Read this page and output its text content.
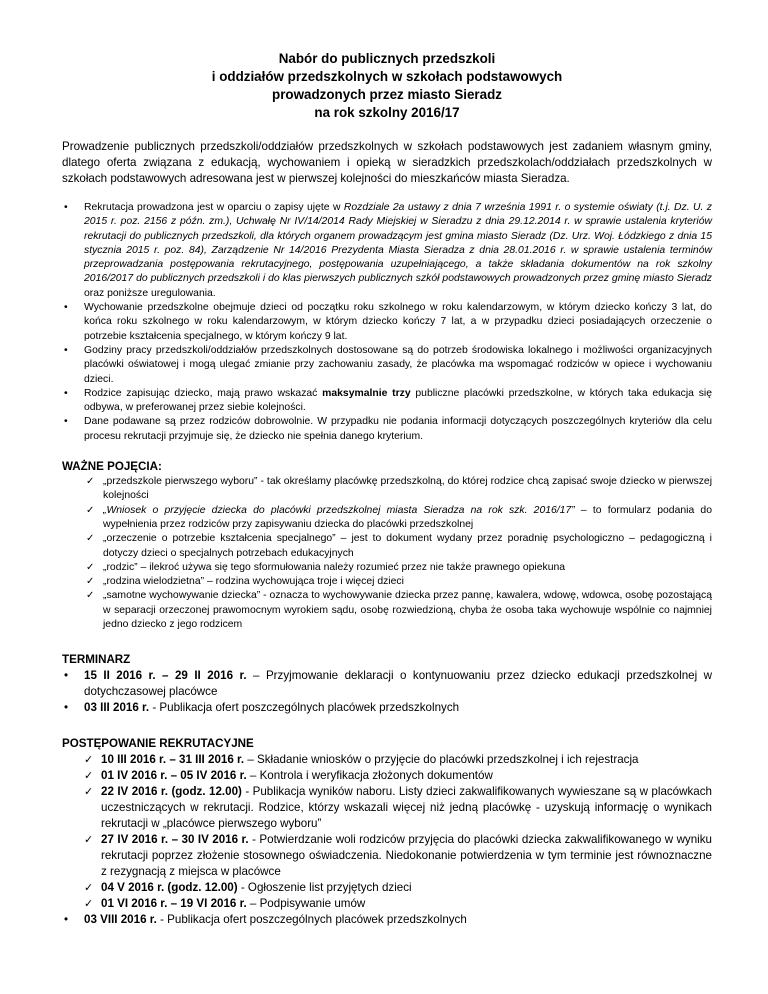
Nabór do publicznych przedszkoli
i oddziałów przedszkolnych w szkołach podstawowych
prowadzonych przez miasto Sieradz
na rok szkolny 2016/17

Prowadzenie publicznych przedszkoli/oddziałów przedszkolnych w szkołach podstawowych jest zadaniem własnym gminy, dlatego oferta związana z edukacją, wychowaniem i opieką w sieradzkich przedszkolach/oddziałach przedszkolnych w szkołach podstawowych adresowana jest w pierwszej kolejności do mieszkańców miasta Sieradza.

• Rekrutacja prowadzona jest w oparciu o zapisy ujęte w Rozdziale 2a ustawy z dnia 7 września 1991 r. o systemie oświaty (t.j. Dz. U. z 2015 r. poz. 2156 z późn. zm.), Uchwałę Nr IV/14/2014 Rady Miejskiej w Sieradzu z dnia 29.12.2014 r. w sprawie ustalenia kryteriów rekrutacji do publicznych przedszkoli, dla których organem prowadzącym jest gmina miasto Sieradz (Dz. Urz. Woj. Łódzkiego z dnia 15 stycznia 2015 r. poz. 84), Zarządzenie Nr 14/2016 Prezydenta Miasta Sieradza z dnia 28.01.2016 r. w sprawie ustalenia terminów przeprowadzania postępowania rekrutacyjnego, postępowania uzupełniającego, a także składania dokumentów na rok szkolny 2016/2017 do publicznych przedszkoli i do klas pierwszych publicznych szkół podstawowych prowadzonych przez gminę miasto Sieradz oraz poniższe uregulowania.
• Wychowanie przedszkolne obejmuje dzieci od początku roku szkolnego w roku kalendarzowym, w którym dziecko kończy 3 lat, do końca roku szkolnego w roku kalendarzowym, w którym dziecko kończy 7 lat, a w przypadku dzieci posiadających orzeczenie o potrzebie kształcenia specjalnego, w którym kończy 9 lat.
• Godziny pracy przedszkoli/oddziałów przedszkolnych dostosowane są do potrzeb środowiska lokalnego i możliwości organizacyjnych placówki oświatowej i mogą ulegać zmianie przy zachowaniu zasady, że placówka ma wspomagać rodziców w opiece i wychowaniu dzieci.
• Rodzice zapisując dziecko, mają prawo wskazać maksymalnie trzy publiczne placówki przedszkolne, w których taka edukacja się odbywa, w preferowanej przez siebie kolejności.
• Dane podawane są przez rodziców dobrowolnie. W przypadku nie podania informacji dotyczących poszczególnych kryteriów dla celu procesu rekrutacji przyjmuje się, że dziecko nie spełnia danego kryterium.
WAŻNE POJĘCIA:
✓ „przedszkole pierwszego wyboru” - tak określamy placówkę przedszkolną, do której rodzice chcą zapisać swoje dziecko w pierwszej kolejności
✓ „Wniosek o przyjęcie dziecka do placówki przedszkolnej miasta Sieradza na rok szk. 2016/17” – to formularz podania do wypełnienia przez rodziców przy zapisywaniu dziecka do placówki przedszkolnej
✓ „orzeczenie o potrzebie kształcenia specjalnego” – jest to dokument wydany przez poradnię psychologiczno – pedagogiczną i dotyczy dzieci o specjalnych potrzebach edukacyjnych
✓ „rodzic” – ilekroć używa się tego sformułowania należy rozumieć przez nie także prawnego opiekuna
✓ „rodzina wielodzietna” – rodzina wychowująca troje i więcej dzieci
✓ „samotne wychowywanie dziecka” - oznacza to wychowywanie dziecka przez pannę, kawalera, wdowę, wdowca, osobę pozostającą w separacji orzeczonej prawomocnym wyrokiem sądu, osobę rozwiedzioną, chyba że osoba taka wychowuje wspólnie co najmniej jedno dziecko z jego rodzicem
TERMINARZ
• 15 II 2016 r. – 29 II 2016 r. – Przyjmowanie deklaracji o kontynuowaniu przez dziecko edukacji przedszkolnej w dotychczasowej placówce
• 03 III 2016 r. - Publikacja ofert poszczególnych placówek przedszkolnych
POSTĘPOWANIE REKRUTACYJNE
✓ 10 III 2016 r. – 31 III 2016 r. – Składanie wniosków o przyjęcie do placówki przedszkolnej i ich rejestracja
✓ 01 IV 2016 r. – 05 IV 2016 r. – Kontrola i weryfikacja złożonych dokumentów
✓ 22 IV 2016 r. (godz. 12.00) - Publikacja wyników naboru. Listy dzieci zakwalifikowanych wywieszane są w placówkach uczestniczących w rekrutacji. Rodzice, którzy wskazali więcej niż jedną placówkę - uzyskują informację o wynikach rekrutacji w „placówce pierwszego wyboru”
✓ 27 IV 2016 r. – 30 IV 2016 r. - Potwierdzanie woli rodziców przyjęcia do placówki dziecka zakwalifikowanego w wyniku rekrutacji poprzez złożenie stosownego oświadczenia. Niedokonanie potwierdzenia w tym terminie jest równoznaczne z rezygnacją z miejsca w placówce
✓ 04 V 2016 r. (godz. 12.00) - Ogłoszenie list przyjętych dzieci
✓ 01 VI 2016 r. – 19 VI 2016 r. – Podpisywanie umów
• 03 VIII 2016 r. - Publikacja ofert poszczególnych placówek przedszkolnych
